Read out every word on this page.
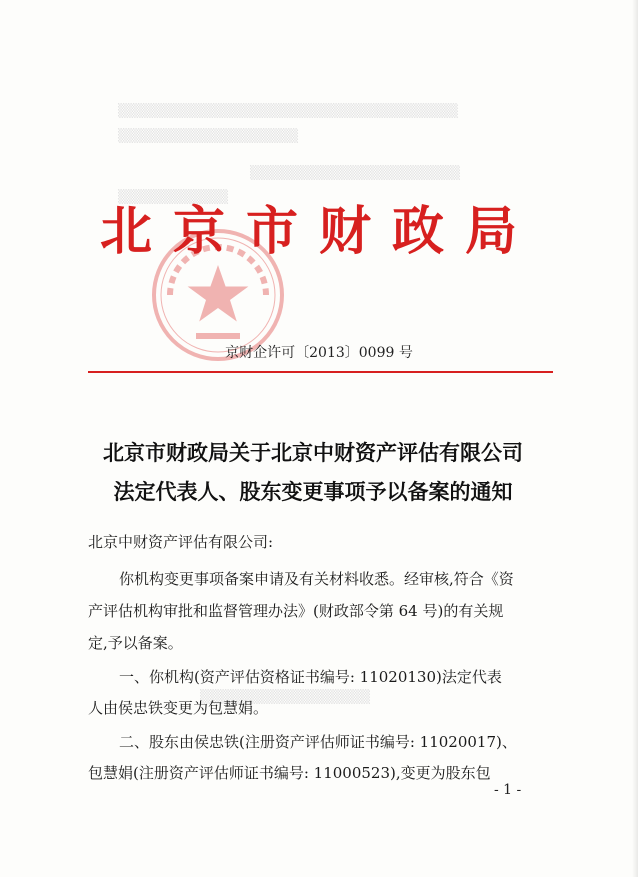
▒▒▒▒▒▒▒▒▒▒▒▒▒▒▒▒▒▒▒▒▒▒▒▒▒▒▒▒▒▒▒▒▒▒
▒▒▒▒▒▒▒▒▒▒▒▒▒▒▒▒▒▒
▒▒▒▒▒▒▒▒▒▒▒▒▒▒▒▒▒▒▒▒▒
▒▒▒▒▒▒▒▒▒▒▒
▒▒▒▒▒▒▒▒▒▒▒▒▒▒▒▒▒
北京市财政局
京财企许可〔2013〕0099 号
北京市财政局关于北京中财资产评估有限公司
法定代表人、股东变更事项予以备案的通知
北京中财资产评估有限公司:
你机构变更事项备案申请及有关材料收悉。经审核,符合《资
产评估机构审批和监督管理办法》(财政部令第 64 号)的有关规
定,予以备案。
一、你机构(资产评估资格证书编号: 11020130)法定代表
人由侯忠铁变更为包慧娟。
二、股东由侯忠铁(注册资产评估师证书编号: 11020017)、
包慧娟(注册资产评估师证书编号: 11000523),变更为股东包
- 1 -
